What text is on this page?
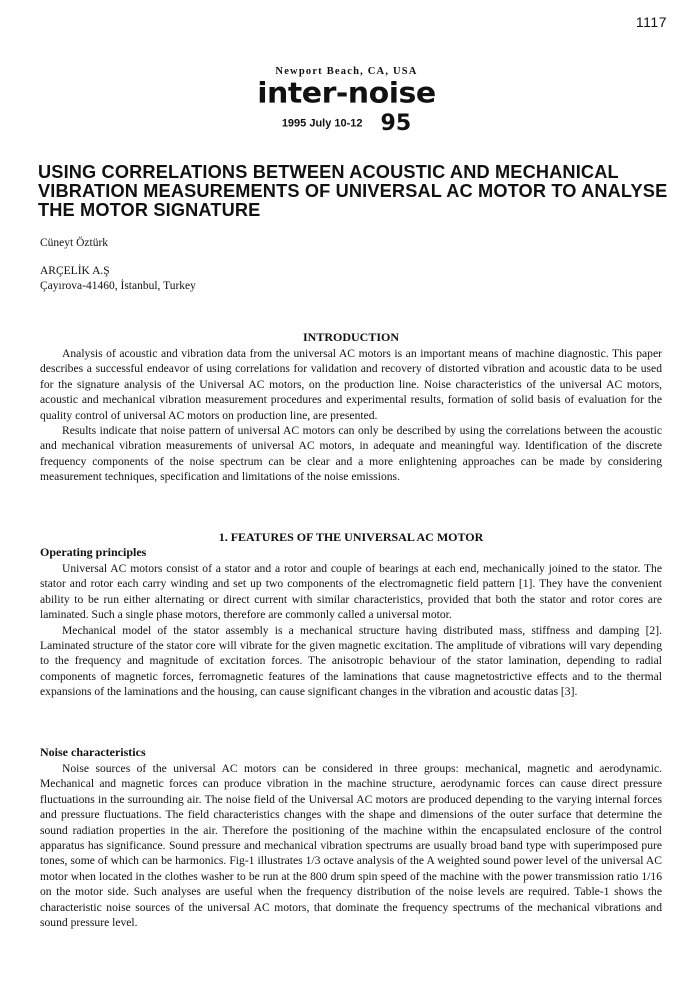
1117
Newport Beach, CA, USA
inter-noise
1995 July 10-12 95
USING CORRELATIONS BETWEEN ACOUSTIC AND MECHANICAL VIBRATION MEASUREMENTS OF UNIVERSAL AC MOTOR TO ANALYSE THE MOTOR SIGNATURE
Cüneyt Öztürk
ARÇELİK A.Ş
Çayırova-41460, İstanbul, Turkey
INTRODUCTION

Analysis of acoustic and vibration data from the universal AC motors is an important means of machine diagnostic. This paper describes a successful endeavor of using correlations for validation and recovery of distorted vibration and acoustic data to be used for the signature analysis of the Universal AC motors, on the production line. Noise characteristics of the universal AC motors, acoustic and mechanical vibration measurement procedures and experimental results, formation of solid basis of evaluation for the quality control of universal AC motors on production line, are presented.

Results indicate that noise pattern of universal AC motors can only be described by using the correlations between the acoustic and mechanical vibration measurements of universal AC motors, in adequate and meaningful way. Identification of the discrete frequency components of the noise spectrum can be clear and a more enlightening approaches can be made by considering measurement techniques, specification and limitations of the noise emissions.

1. FEATURES OF THE UNIVERSAL AC MOTOR
Operating principles

Universal AC motors consist of a stator and a rotor and couple of bearings at each end, mechanically joined to the stator. The stator and rotor each carry winding and set up two components of the electromagnetic field pattern [1]. They have the convenient ability to be run either alternating or direct current with similar characteristics, provided that both the stator and rotor cores are laminated. Such a single phase motors, therefore are commonly called a universal motor.

Mechanical model of the stator assembly is a mechanical structure having distributed mass, stiffness and damping [2]. Laminated structure of the stator core will vibrate for the given magnetic excitation. The amplitude of vibrations will vary depending to the frequency and magnitude of excitation forces. The anisotropic behaviour of the stator lamination, depending to radial components of magnetic forces, ferromagnetic features of the laminations that cause magnetostrictive effects and to the thermal expansions of the laminations and the housing, can cause significant changes in the vibration and acoustic datas [3].

Noise characteristics

Noise sources of the universal AC motors can be considered in three groups: mechanical, magnetic and aerodynamic. Mechanical and magnetic forces can produce vibration in the machine structure, aerodynamic forces can cause direct pressure fluctuations in the surrounding air. The noise field of the Universal AC motors are produced depending to the varying internal forces and pressure fluctuations. The field characteristics changes with the shape and dimensions of the outer surface that determine the sound radiation properties in the air. Therefore the positioning of the machine within the encapsulated enclosure of the control apparatus has significance. Sound pressure and mechanical vibration spectrums are usually broad band type with superimposed pure tones, some of which can be harmonics. Fig-1 illustrates 1/3 octave analysis of the A weighted sound power level of the universal AC motor when located in the clothes washer to be run at the 800 drum spin speed of the machine with the power transmission ratio 1/16 on the motor side. Such analyses are useful when the frequency distribution of the noise levels are required. Table-1 shows the characteristic noise sources of the universal AC motors, that dominate the frequency spectrums of the mechanical vibrations and sound pressure level.
